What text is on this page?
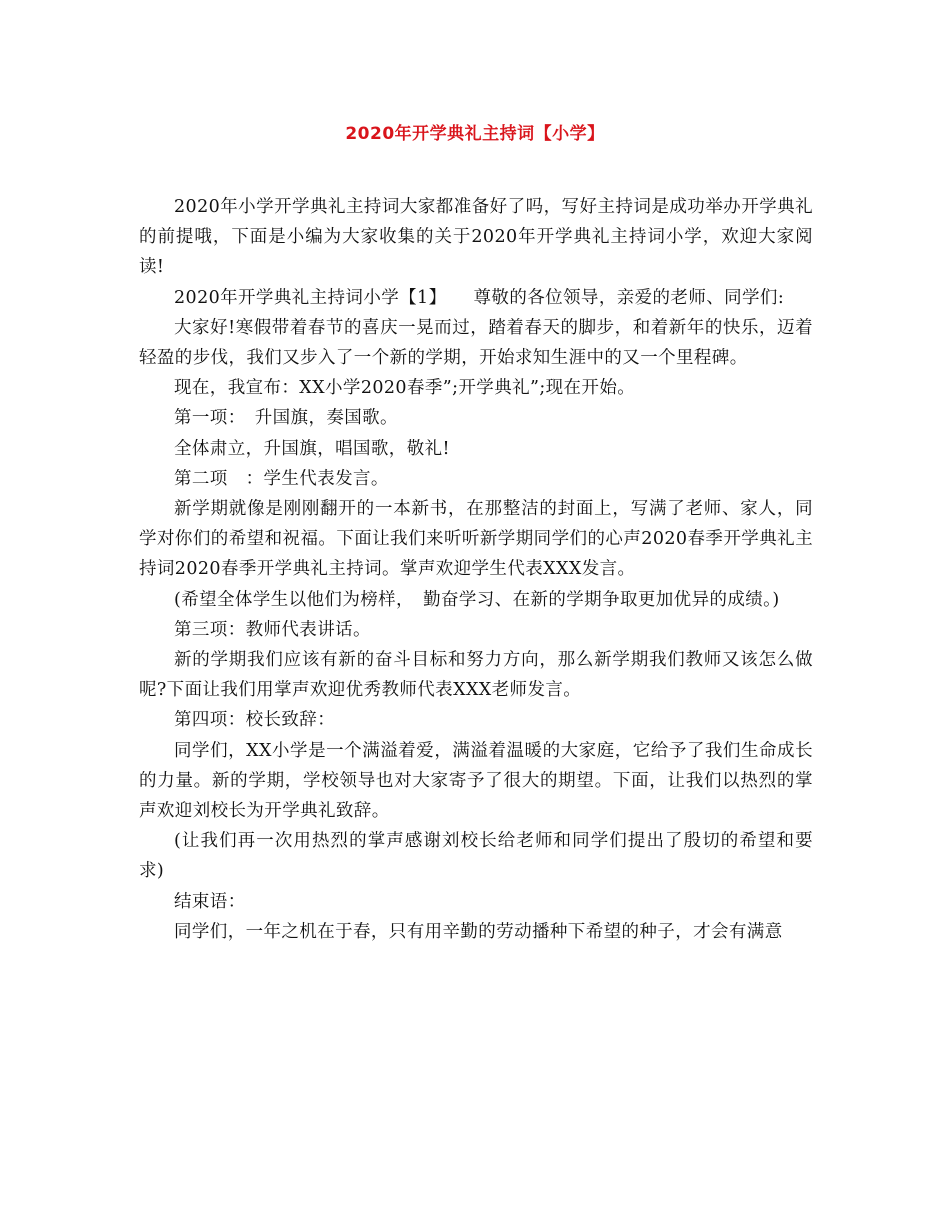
2020年开学典礼主持词【小学】

2020年小学开学典礼主持词大家都准备好了吗，写好主持词是成功举办开学典礼的前提哦，下面是小编为大家收集的关于2020年开学典礼主持词小学，欢迎大家阅读!

2020年开学典礼主持词小学【1】　　尊敬的各位领导，亲爱的老师、同学们:

大家好!寒假带着春节的喜庆一晃而过，踏着春天的脚步，和着新年的快乐，迈着轻盈的步伐，我们又步入了一个新的学期，开始求知生涯中的又一个里程碑。

现在，我宣布：XX小学2020春季”;开学典礼”;现在开始。

第一项：　升国旗，奏国歌。

全体肃立，升国旗，唱国歌，敬礼!

第二项　：学生代表发言。

新学期就像是刚刚翻开的一本新书，在那整洁的封面上，写满了老师、家人，同学对你们的希望和祝福。下面让我们来听听新学期同学们的心声2020春季开学典礼主持词2020春季开学典礼主持词。掌声欢迎学生代表XXX发言。

(希望全体学生以他们为榜样，　勤奋学习、在新的学期争取更加优异的成绩。)

第三项：教师代表讲话。

新的学期我们应该有新的奋斗目标和努力方向，那么新学期我们教师又该怎么做呢?下面让我们用掌声欢迎优秀教师代表XXX老师发言。

第四项：校长致辞：

同学们，XX小学是一个满溢着爱，满溢着温暖的大家庭，它给予了我们生命成长的力量。新的学期，学校领导也对大家寄予了很大的期望。下面，让我们以热烈的掌声欢迎刘校长为开学典礼致辞。

(让我们再一次用热烈的掌声感谢刘校长给老师和同学们提出了殷切的希望和要求)

结束语：

同学们，一年之机在于春，只有用辛勤的劳动播种下希望的种子，才会有满意
